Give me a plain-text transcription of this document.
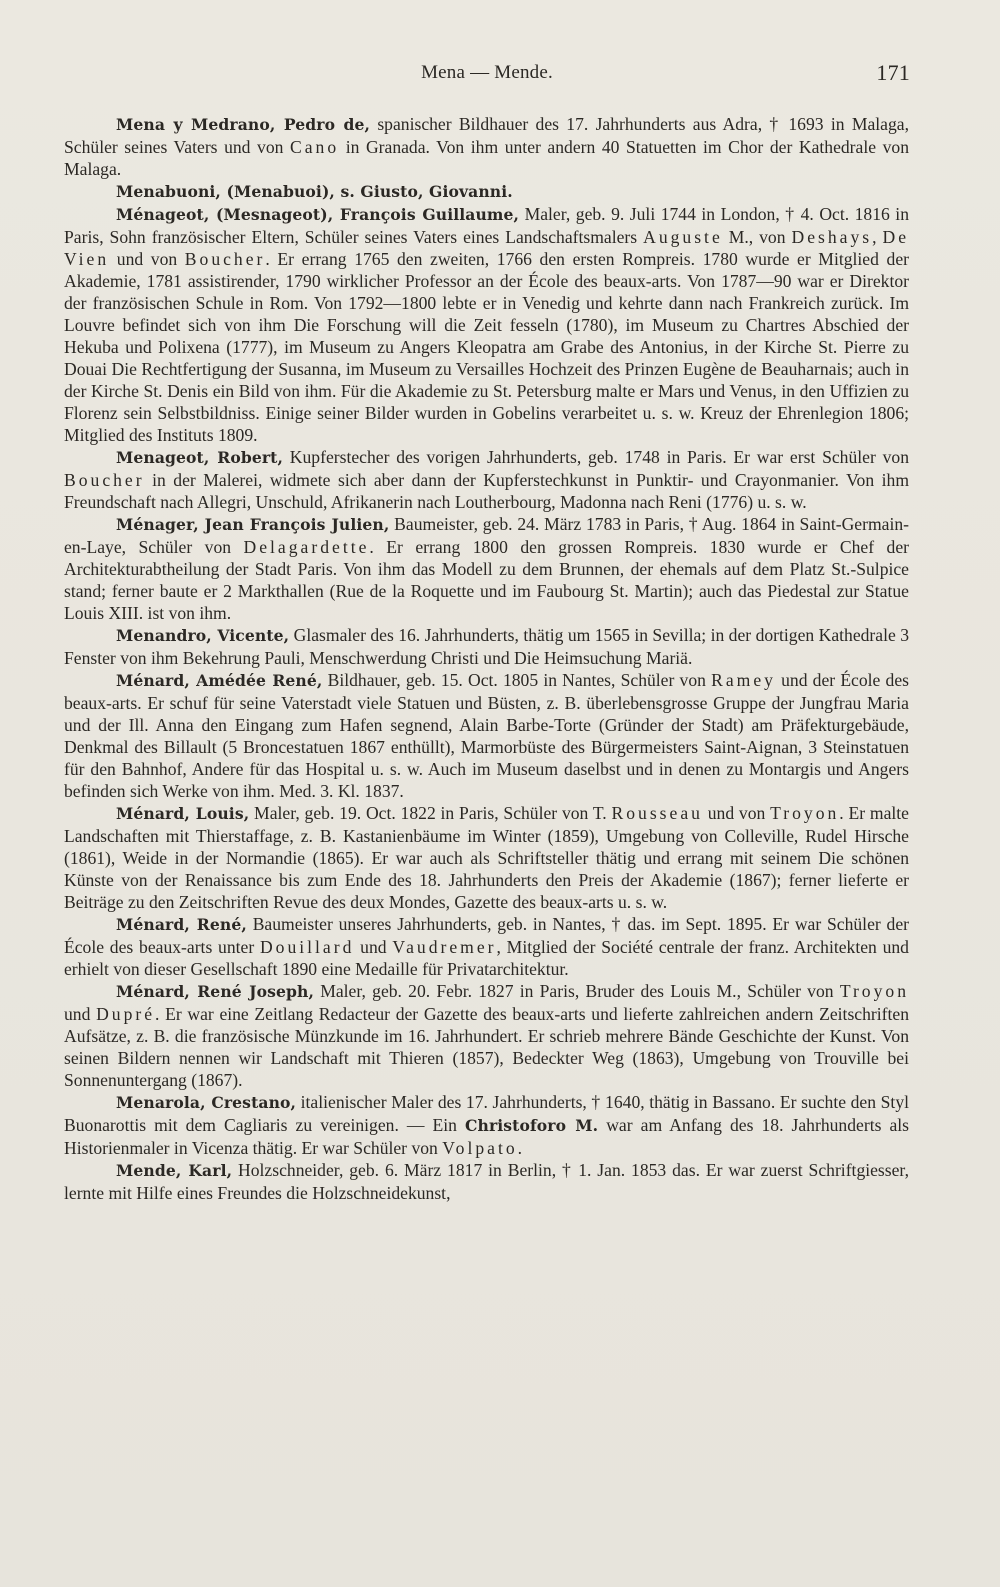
Mena — Mende.	171

Mena y Medrano, Pedro de, spanischer Bildhauer des 17. Jahrhunderts aus Adra, † 1693 in Malaga, Schüler seines Vaters und von Cano in Granada. Von ihm unter andern 40 Statuetten im Chor der Kathedrale von Malaga.

Menabuoni, (Menabuoi), s. Giusto, Giovanni.

Ménageot, (Mesnageot), François Guillaume, Maler, geb. 9. Juli 1744 in London, † 4. Oct. 1816 in Paris, Sohn französischer Eltern, Schüler seines Vaters eines Landschaftsmalers Auguste M., von Deshays, De Vien und von Boucher. Er errang 1765 den zweiten, 1766 den ersten Rompreis. 1780 wurde er Mitglied der Akademie, 1781 assistirender, 1790 wirklicher Professor an der École des beaux-arts. Von 1787—90 war er Direktor der französischen Schule in Rom. Von 1792—1800 lebte er in Venedig und kehrte dann nach Frankreich zurück. Im Louvre befindet sich von ihm Die Forschung will die Zeit fesseln (1780), im Museum zu Chartres Abschied der Hekuba und Polixena (1777), im Museum zu Angers Kleopatra am Grabe des Antonius, in der Kirche St. Pierre zu Douai Die Rechtfertigung der Susanna, im Museum zu Versailles Hochzeit des Prinzen Eugène de Beauharnais; auch in der Kirche St. Denis ein Bild von ihm. Für die Akademie zu St. Petersburg malte er Mars und Venus, in den Uffizien zu Florenz sein Selbstbildniss. Einige seiner Bilder wurden in Gobelins verarbeitet u. s. w. Kreuz der Ehrenlegion 1806; Mitglied des Instituts 1809.

Menageot, Robert, Kupferstecher des vorigen Jahrhunderts, geb. 1748 in Paris. Er war erst Schüler von Boucher in der Malerei, widmete sich aber dann der Kupferstechkunst in Punktir- und Crayonmanier. Von ihm Freundschaft nach Allegri, Unschuld, Afrikanerin nach Loutherbourg, Madonna nach Reni (1776) u. s. w.

Ménager, Jean François Julien, Baumeister, geb. 24. März 1783 in Paris, † Aug. 1864 in Saint-Germain-en-Laye, Schüler von Delagardette. Er errang 1800 den grossen Rompreis. 1830 wurde er Chef der Architekturabtheilung der Stadt Paris. Von ihm das Modell zu dem Brunnen, der ehemals auf dem Platz St.-Sulpice stand; ferner baute er 2 Markthallen (Rue de la Roquette und im Faubourg St. Martin); auch das Piedestal zur Statue Louis XIII. ist von ihm.

Menandro, Vicente, Glasmaler des 16. Jahrhunderts, thätig um 1565 in Sevilla; in der dortigen Kathedrale 3 Fenster von ihm Bekehrung Pauli, Menschwerdung Christi und Die Heimsuchung Mariä.

Ménard, Amédée René, Bildhauer, geb. 15. Oct. 1805 in Nantes, Schüler von Ramey und der École des beaux-arts. Er schuf für seine Vaterstadt viele Statuen und Büsten, z. B. überlebensgrosse Gruppe der Jungfrau Maria und der Ill. Anna den Eingang zum Hafen segnend, Alain Barbe-Torte (Gründer der Stadt) am Präfekturgebäude, Denkmal des Billault (5 Broncestatuen 1867 enthüllt), Marmorbüste des Bürgermeisters Saint-Aignan, 3 Steinstatuen für den Bahnhof, Andere für das Hospital u. s. w. Auch im Museum daselbst und in denen zu Montargis und Angers befinden sich Werke von ihm. Med. 3. Kl. 1837.

Ménard, Louis, Maler, geb. 19. Oct. 1822 in Paris, Schüler von T. Rousseau und von Troyon. Er malte Landschaften mit Thierstaffage, z. B. Kastanienbäume im Winter (1859), Umgebung von Colleville, Rudel Hirsche (1861), Weide in der Normandie (1865). Er war auch als Schriftsteller thätig und errang mit seinem Die schönen Künste von der Renaissance bis zum Ende des 18. Jahrhunderts den Preis der Akademie (1867); ferner lieferte er Beiträge zu den Zeitschriften Revue des deux Mondes, Gazette des beaux-arts u. s. w.

Ménard, René, Baumeister unseres Jahrhunderts, geb. in Nantes, † das. im Sept. 1895. Er war Schüler der École des beaux-arts unter Douillard und Vaudremer, Mitglied der Société centrale der franz. Architekten und erhielt von dieser Gesellschaft 1890 eine Medaille für Privatarchitektur.

Ménard, René Joseph, Maler, geb. 20. Febr. 1827 in Paris, Bruder des Louis M., Schüler von Troyon und Dupré. Er war eine Zeitlang Redacteur der Gazette des beaux-arts und lieferte zahlreichen andern Zeitschriften Aufsätze, z. B. die französische Münzkunde im 16. Jahrhundert. Er schrieb mehrere Bände Geschichte der Kunst. Von seinen Bildern nennen wir Landschaft mit Thieren (1857), Bedeckter Weg (1863), Umgebung von Trouville bei Sonnenuntergang (1867).

Menarola, Crestano, italienischer Maler des 17. Jahrhunderts, † 1640, thätig in Bassano. Er suchte den Styl Buonarottis mit dem Cagliaris zu vereinigen. — Ein Christoforo M. war am Anfang des 18. Jahrhunderts als Historienmaler in Vicenza thätig. Er war Schüler von Volpato.

Mende, Karl, Holzschneider, geb. 6. März 1817 in Berlin, † 1. Jan. 1853 das. Er war zuerst Schriftgiesser, lernte mit Hilfe eines Freundes die Holzschneidekunst,
